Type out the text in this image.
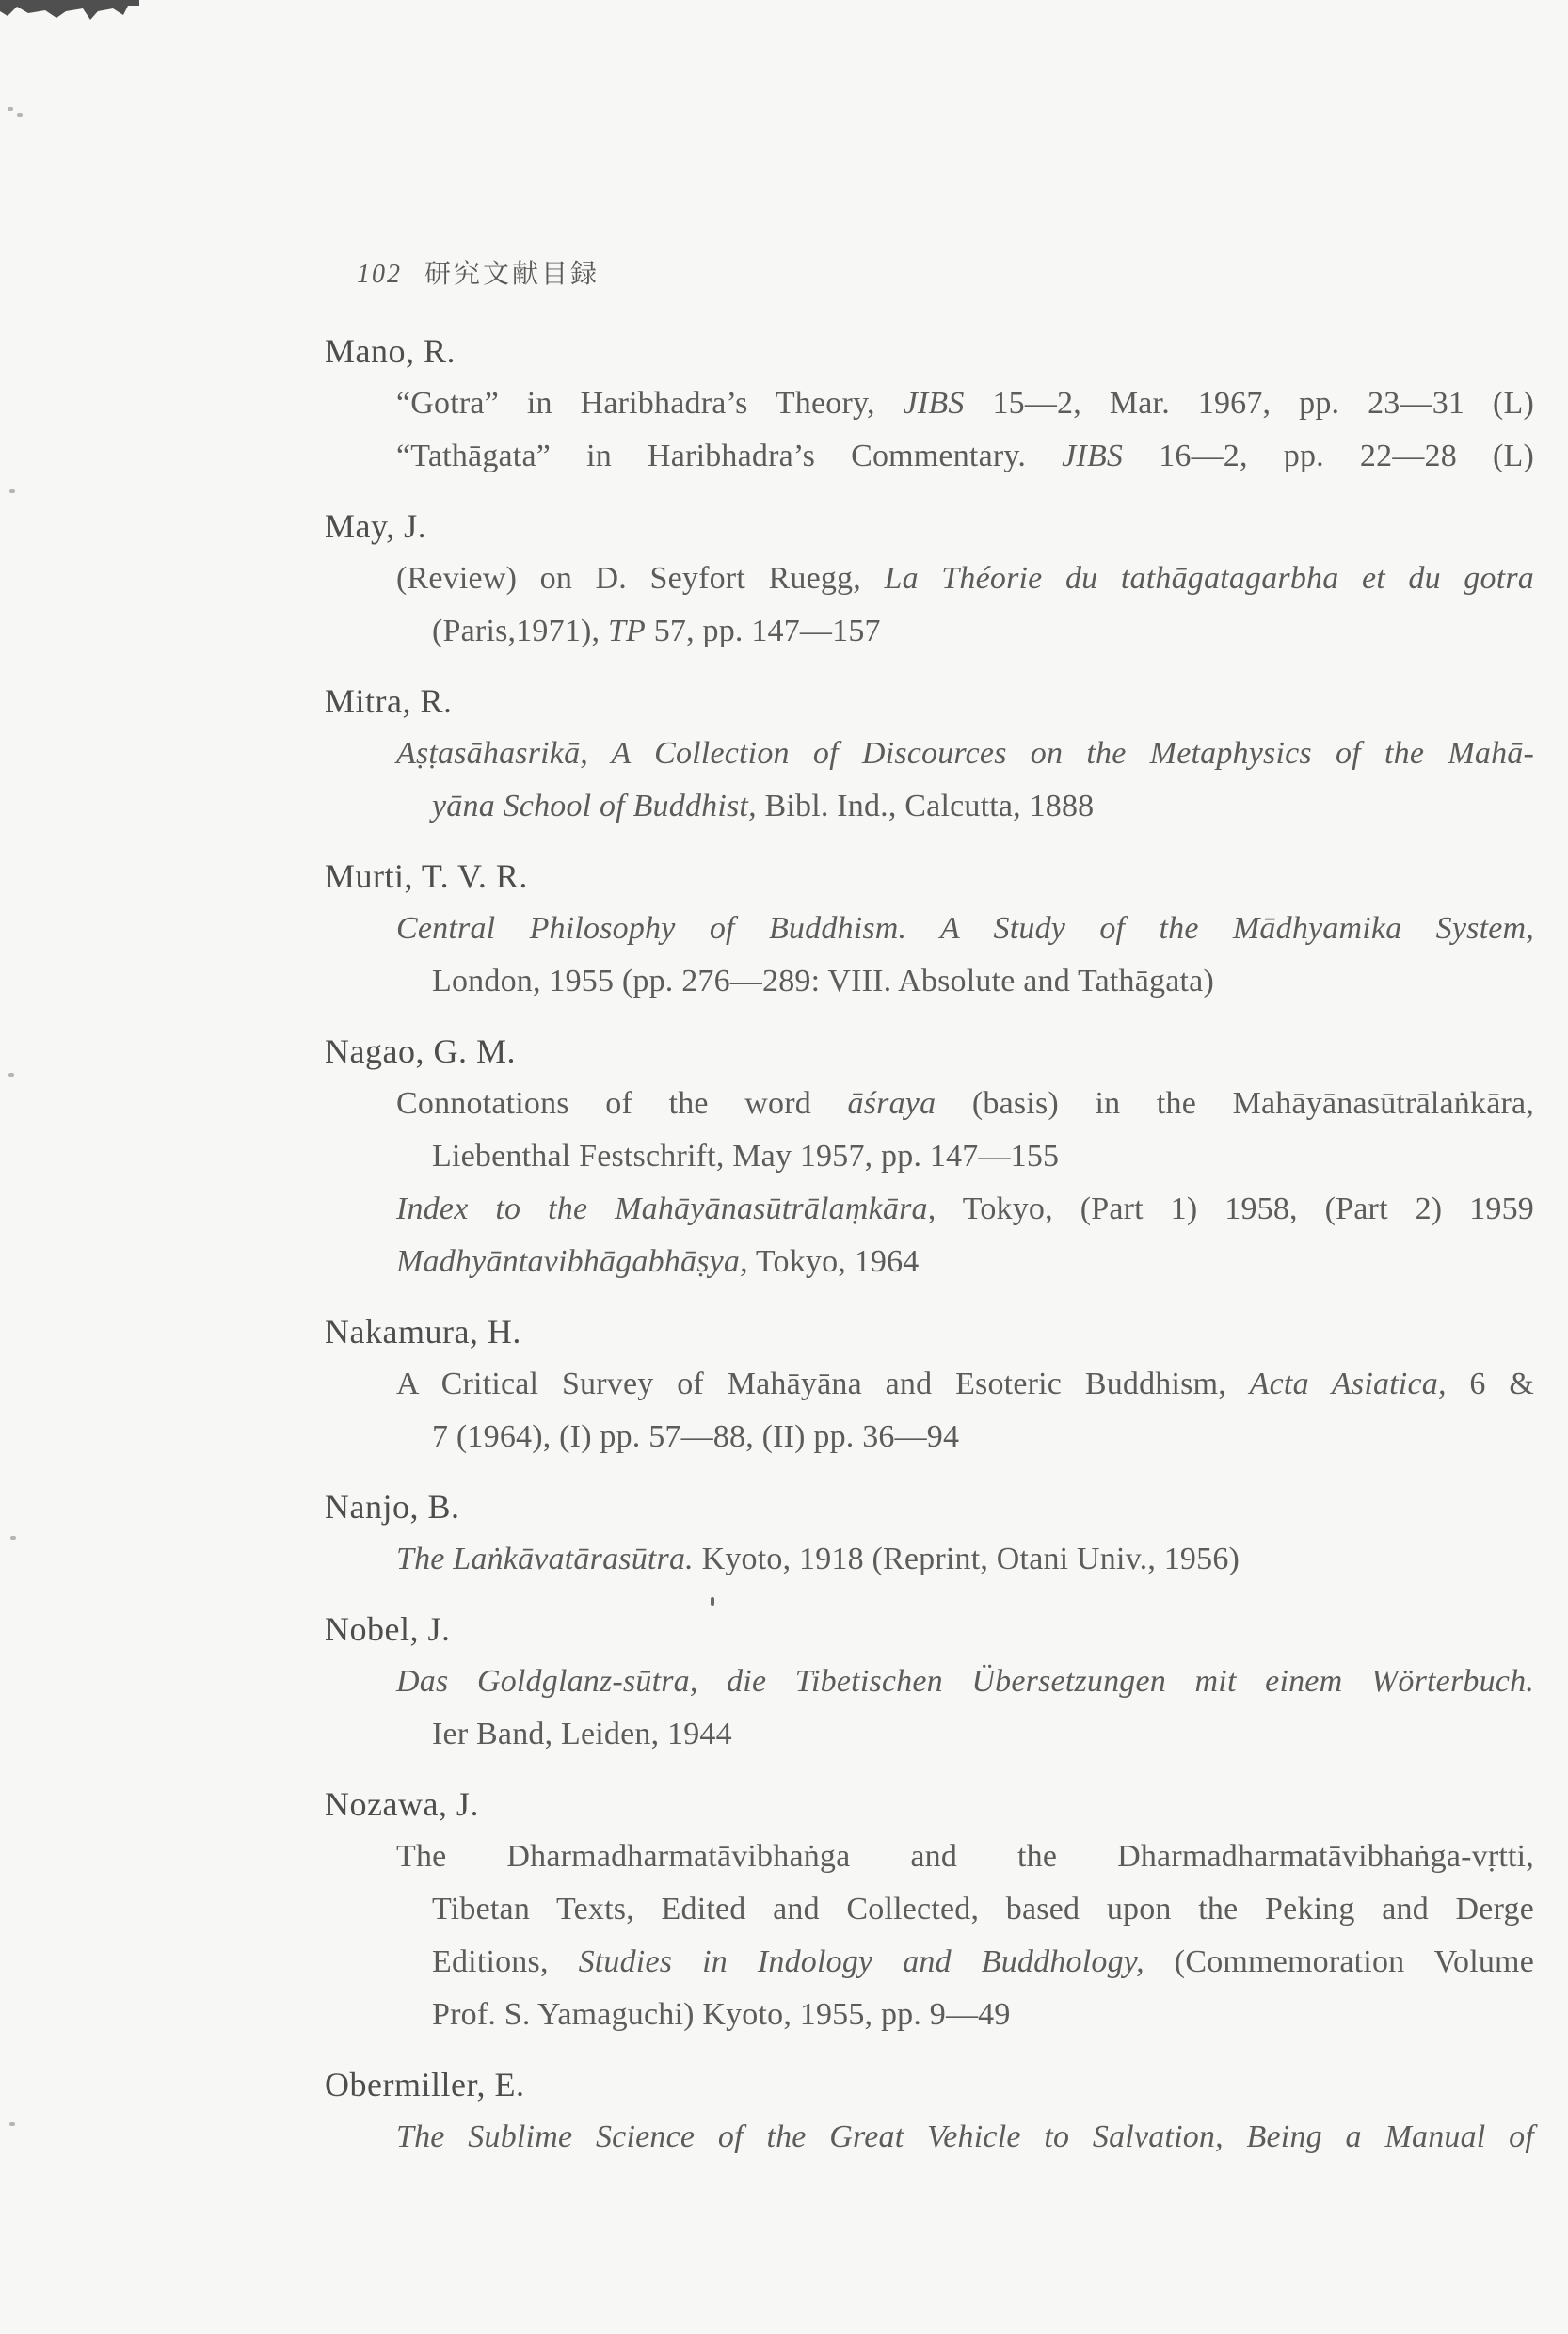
102 研究文献目録
Mano, R.
“Gotra” in Haribhadra’s Theory, JIBS 15—2, Mar. 1967, pp. 23—31 (L)
“Tathāgata” in Haribhadra’s Commentary. JIBS 16—2, pp. 22—28 (L)
May, J.
(Review) on D. Seyfort Ruegg, La Théorie du tathāgatagarbha et du gotra
(Paris,1971), TP 57, pp. 147—157
Mitra, R.
Aṣṭasāhasrikā, A Collection of Discources on the Metaphysics of the Mahā-
yāna School of Buddhist, Bibl. Ind., Calcutta, 1888
Murti, T. V. R.
Central Philosophy of Buddhism. A Study of the Mādhyamika System,
London, 1955 (pp. 276—289: VIII. Absolute and Tathāgata)
Nagao, G. M.
Connotations of the word āśraya (basis) in the Mahāyānasūtrālaṅkāra,
Liebenthal Festschrift, May 1957, pp. 147—155
Index to the Mahāyānasūtrālaṃkāra, Tokyo, (Part 1) 1958, (Part 2) 1959
Madhyāntavibhāgabhāṣya, Tokyo, 1964
Nakamura, H.
A Critical Survey of Mahāyāna and Esoteric Buddhism, Acta Asiatica, 6 &
7 (1964), (I) pp. 57—88, (II) pp. 36—94
Nanjo, B.
The Laṅkāvatārasūtra. Kyoto, 1918 (Reprint, Otani Univ., 1956)
Nobel, J.
Das Goldglanz-sūtra, die Tibetischen Übersetzungen mit einem Wörterbuch.
Ier Band, Leiden, 1944
Nozawa, J.
The Dharmadharmatāvibhaṅga and the Dharmadharmatāvibhaṅga-vṛtti,
Tibetan Texts, Edited and Collected, based upon the Peking and Derge
Editions, Studies in Indology and Buddhology, (Commemoration Volume
Prof. S. Yamaguchi) Kyoto, 1955, pp. 9—49
Obermiller, E.
The Sublime Science of the Great Vehicle to Salvation, Being a Manual of
